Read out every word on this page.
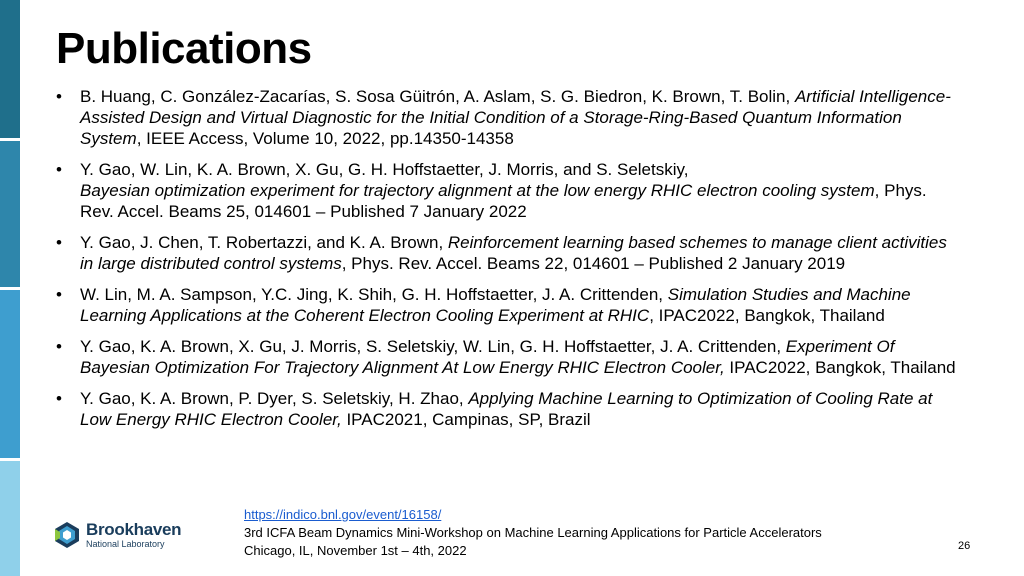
Publications
• B. Huang, C. González-Zacarías, S. Sosa Güitrón, A. Aslam, S. G. Biedron, K. Brown, T. Bolin, Artificial Intelligence-Assisted Design and Virtual Diagnostic for the Initial Condition of a Storage-Ring-Based Quantum Information System, IEEE Access, Volume 10, 2022, pp.14350-14358
• Y. Gao, W. Lin, K. A. Brown, X. Gu, G. H. Hoffstaetter, J. Morris, and S. Seletskiy,
Bayesian optimization experiment for trajectory alignment at the low energy RHIC electron cooling system, Phys. Rev. Accel. Beams 25, 014601 – Published 7 January 2022
• Y. Gao, J. Chen, T. Robertazzi, and K. A. Brown, Reinforcement learning based schemes to manage client activities in large distributed control systems, Phys. Rev. Accel. Beams 22, 014601 – Published 2 January 2019
• W. Lin, M. A. Sampson, Y.C. Jing, K. Shih, G. H. Hoffstaetter, J. A. Crittenden, Simulation Studies and Machine Learning Applications at the Coherent Electron Cooling Experiment at RHIC, IPAC2022, Bangkok, Thailand
• Y. Gao, K. A. Brown, X. Gu, J. Morris, S. Seletskiy, W. Lin, G. H. Hoffstaetter, J. A. Crittenden, Experiment Of Bayesian Optimization For Trajectory Alignment At Low Energy RHIC Electron Cooler, IPAC2022, Bangkok, Thailand
• Y. Gao, K. A. Brown, P. Dyer, S. Seletskiy, H. Zhao, Applying Machine Learning to Optimization of Cooling Rate at Low Energy RHIC Electron Cooler, IPAC2021, Campinas, SP, Brazil
Brookhaven
National Laboratory
https://indico.bnl.gov/event/16158/
3rd ICFA Beam Dynamics Mini-Workshop on Machine Learning Applications for Particle Accelerators
Chicago, IL, November 1st – 4th, 2022	26
